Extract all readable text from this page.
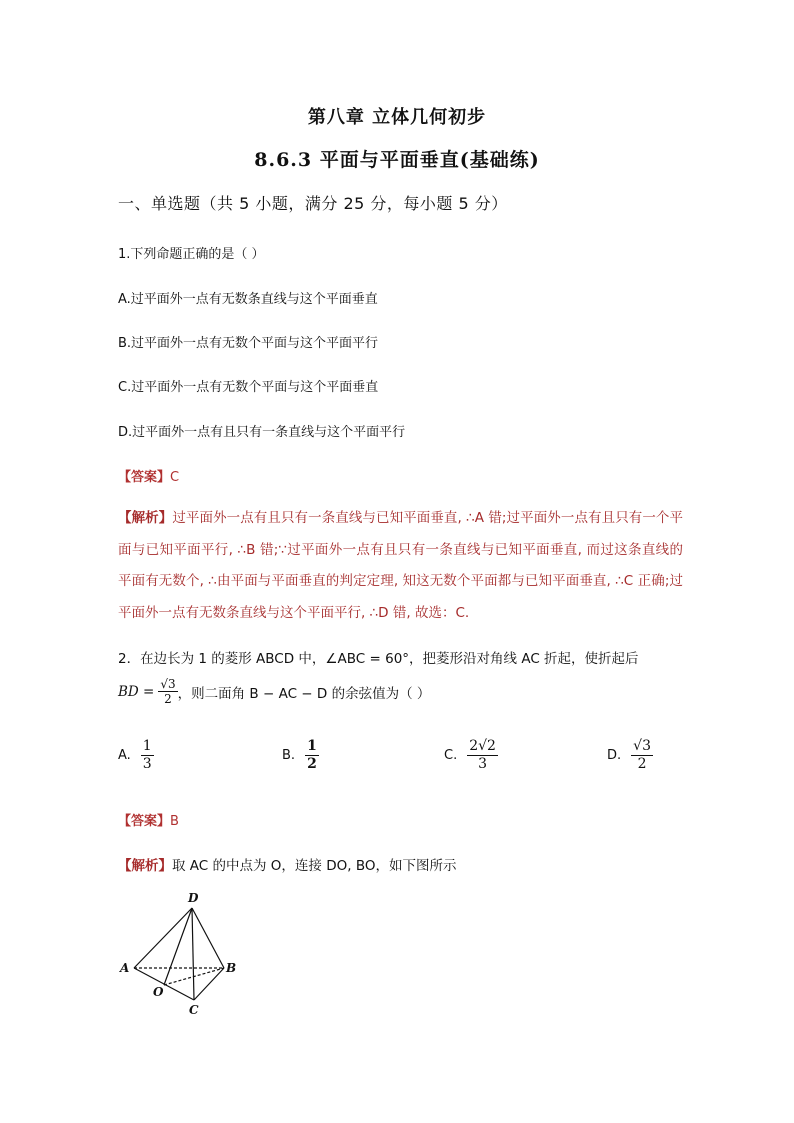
第八章 立体几何初步
8.6.3 平面与平面垂直(基础练)
一、单选题（共 5 小题，满分 25 分，每小题 5 分）
1.下列命题正确的是（ ）
A.过平面外一点有无数条直线与这个平面垂直
B.过平面外一点有无数个平面与这个平面平行
C.过平面外一点有无数个平面与这个平面垂直
D.过平面外一点有且只有一条直线与这个平面平行
【答案】C
【解析】过平面外一点有且只有一条直线与已知平面垂直, ∴A 错;过平面外一点有且只有一个平面与已知平面平行, ∴B 错;∵过平面外一点有且只有一条直线与已知平面垂直, 而过这条直线的平面有无数个, ∴由平面与平面垂直的判定定理, 知这无数个平面都与已知平面垂直, ∴C 正确;过平面外一点有无数条直线与这个平面平行, ∴D 错, 故选：C.
2．在边长为 1 的菱形 ABCD 中，∠ABC = 60°，把菱形沿对角线 AC 折起，使折起后
BD = $\frac{√3}{2}$ ，则二面角 B − AC − D 的余弦值为（ ）
A. $\frac{1}{3}$	B. $\frac{1}{2}$	C. $\frac{2√2}{3}$	D. $\frac{√3}{2}$
【答案】B
【解析】取 AC 的中点为 O，连接 DO, BO，如下图所示
D
A	B
O
C
